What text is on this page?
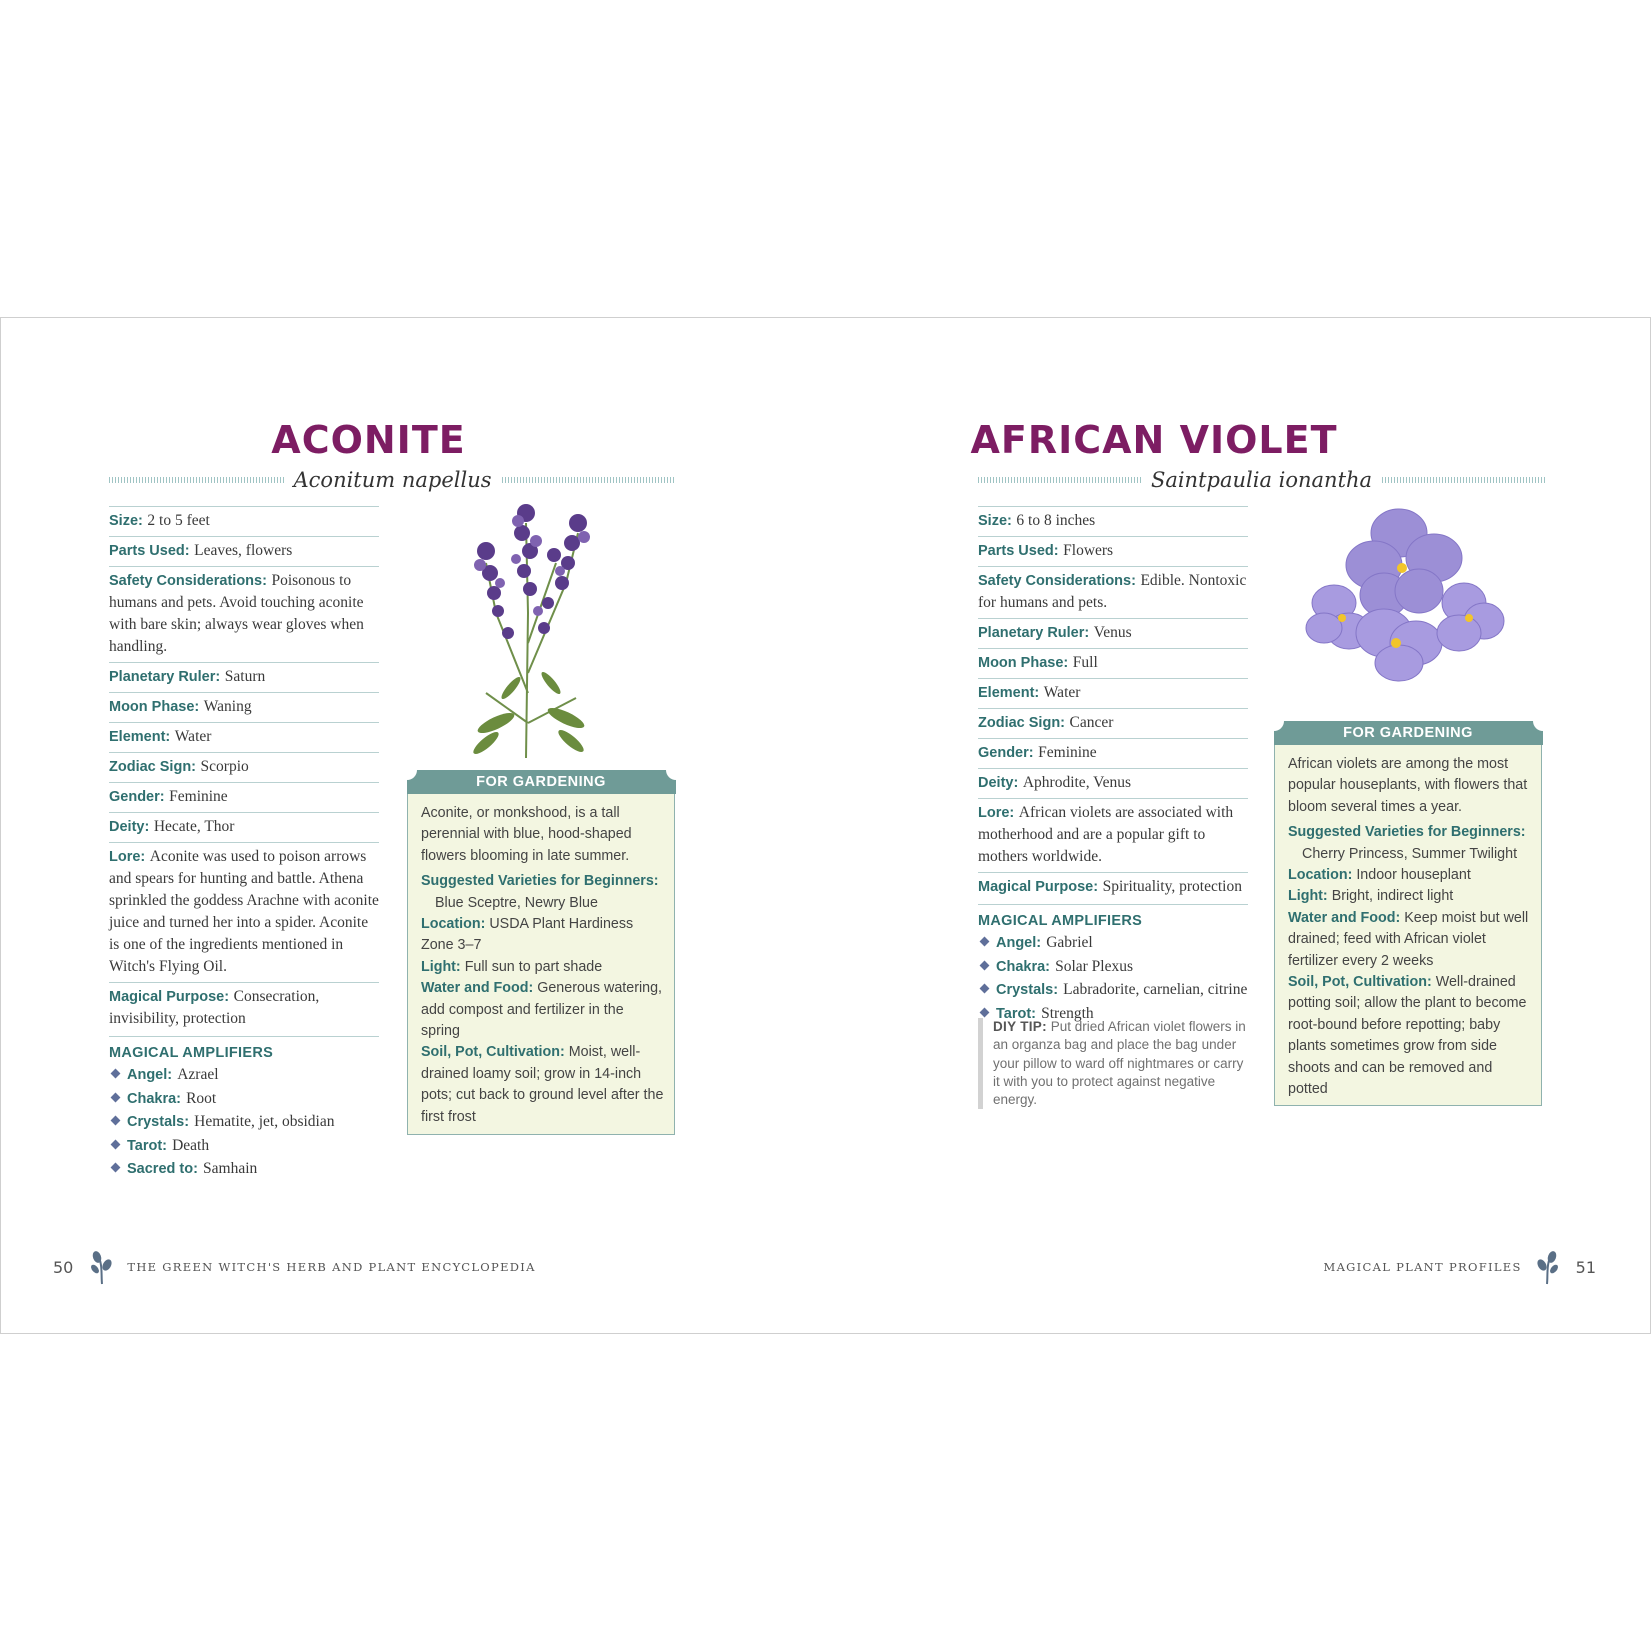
ACONITE
Aconitum napellus
Size: 2 to 5 feet
Parts Used: Leaves, flowers
Safety Considerations: Poisonous to humans and pets. Avoid touching aconite with bare skin; always wear gloves when handling.
Planetary Ruler: Saturn
Moon Phase: Waning
Element: Water
Zodiac Sign: Scorpio
Gender: Feminine
Deity: Hecate, Thor
Lore: Aconite was used to poison arrows and spears for hunting and battle. Athena sprinkled the goddess Arachne with aconite juice and turned her into a spider. Aconite is one of the ingredients mentioned in Witch's Flying Oil.
Magical Purpose: Consecration, invisibility, protection
MAGICAL AMPLIFIERS
Angel: Azrael
Chakra: Root
Crystals: Hematite, jet, obsidian
Tarot: Death
Sacred to: Samhain
FOR GARDENING

Aconite, or monkshood, is a tall perennial with blue, hood-shaped flowers blooming in late summer.

Suggested Varieties for Beginners:
Blue Sceptre, Newry Blue
Location: USDA Plant Hardiness Zone 3–7
Light: Full sun to part shade
Water and Food: Generous watering, add compost and fertilizer in the spring
Soil, Pot, Cultivation: Moist, well-drained loamy soil; grow in 14-inch pots; cut back to ground level after the first frost
50	THE GREEN WITCH'S HERB AND PLANT ENCYCLOPEDIA
AFRICAN VIOLET
Saintpaulia ionantha
Size: 6 to 8 inches
Parts Used: Flowers
Safety Considerations: Edible. Nontoxic for humans and pets.
Planetary Ruler: Venus
Moon Phase: Full
Element: Water
Zodiac Sign: Cancer
Gender: Feminine
Deity: Aphrodite, Venus
Lore: African violets are associated with motherhood and are a popular gift to mothers worldwide.
Magical Purpose: Spirituality, protection
MAGICAL AMPLIFIERS
Angel: Gabriel
Chakra: Solar Plexus
Crystals: Labradorite, carnelian, citrine
Tarot: Strength
DIY TIP: Put dried African violet flowers in an organza bag and place the bag under your pillow to ward off nightmares or carry it with you to protect against negative energy.
FOR GARDENING

African violets are among the most popular houseplants, with flowers that bloom several times a year.

Suggested Varieties for Beginners:
Cherry Princess, Summer Twilight
Location: Indoor houseplant
Light: Bright, indirect light
Water and Food: Keep moist but well drained; feed with African violet fertilizer every 2 weeks
Soil, Pot, Cultivation: Well-drained potting soil; allow the plant to become root-bound before repotting; baby plants sometimes grow from side shoots and can be removed and potted
MAGICAL PLANT PROFILES	51
